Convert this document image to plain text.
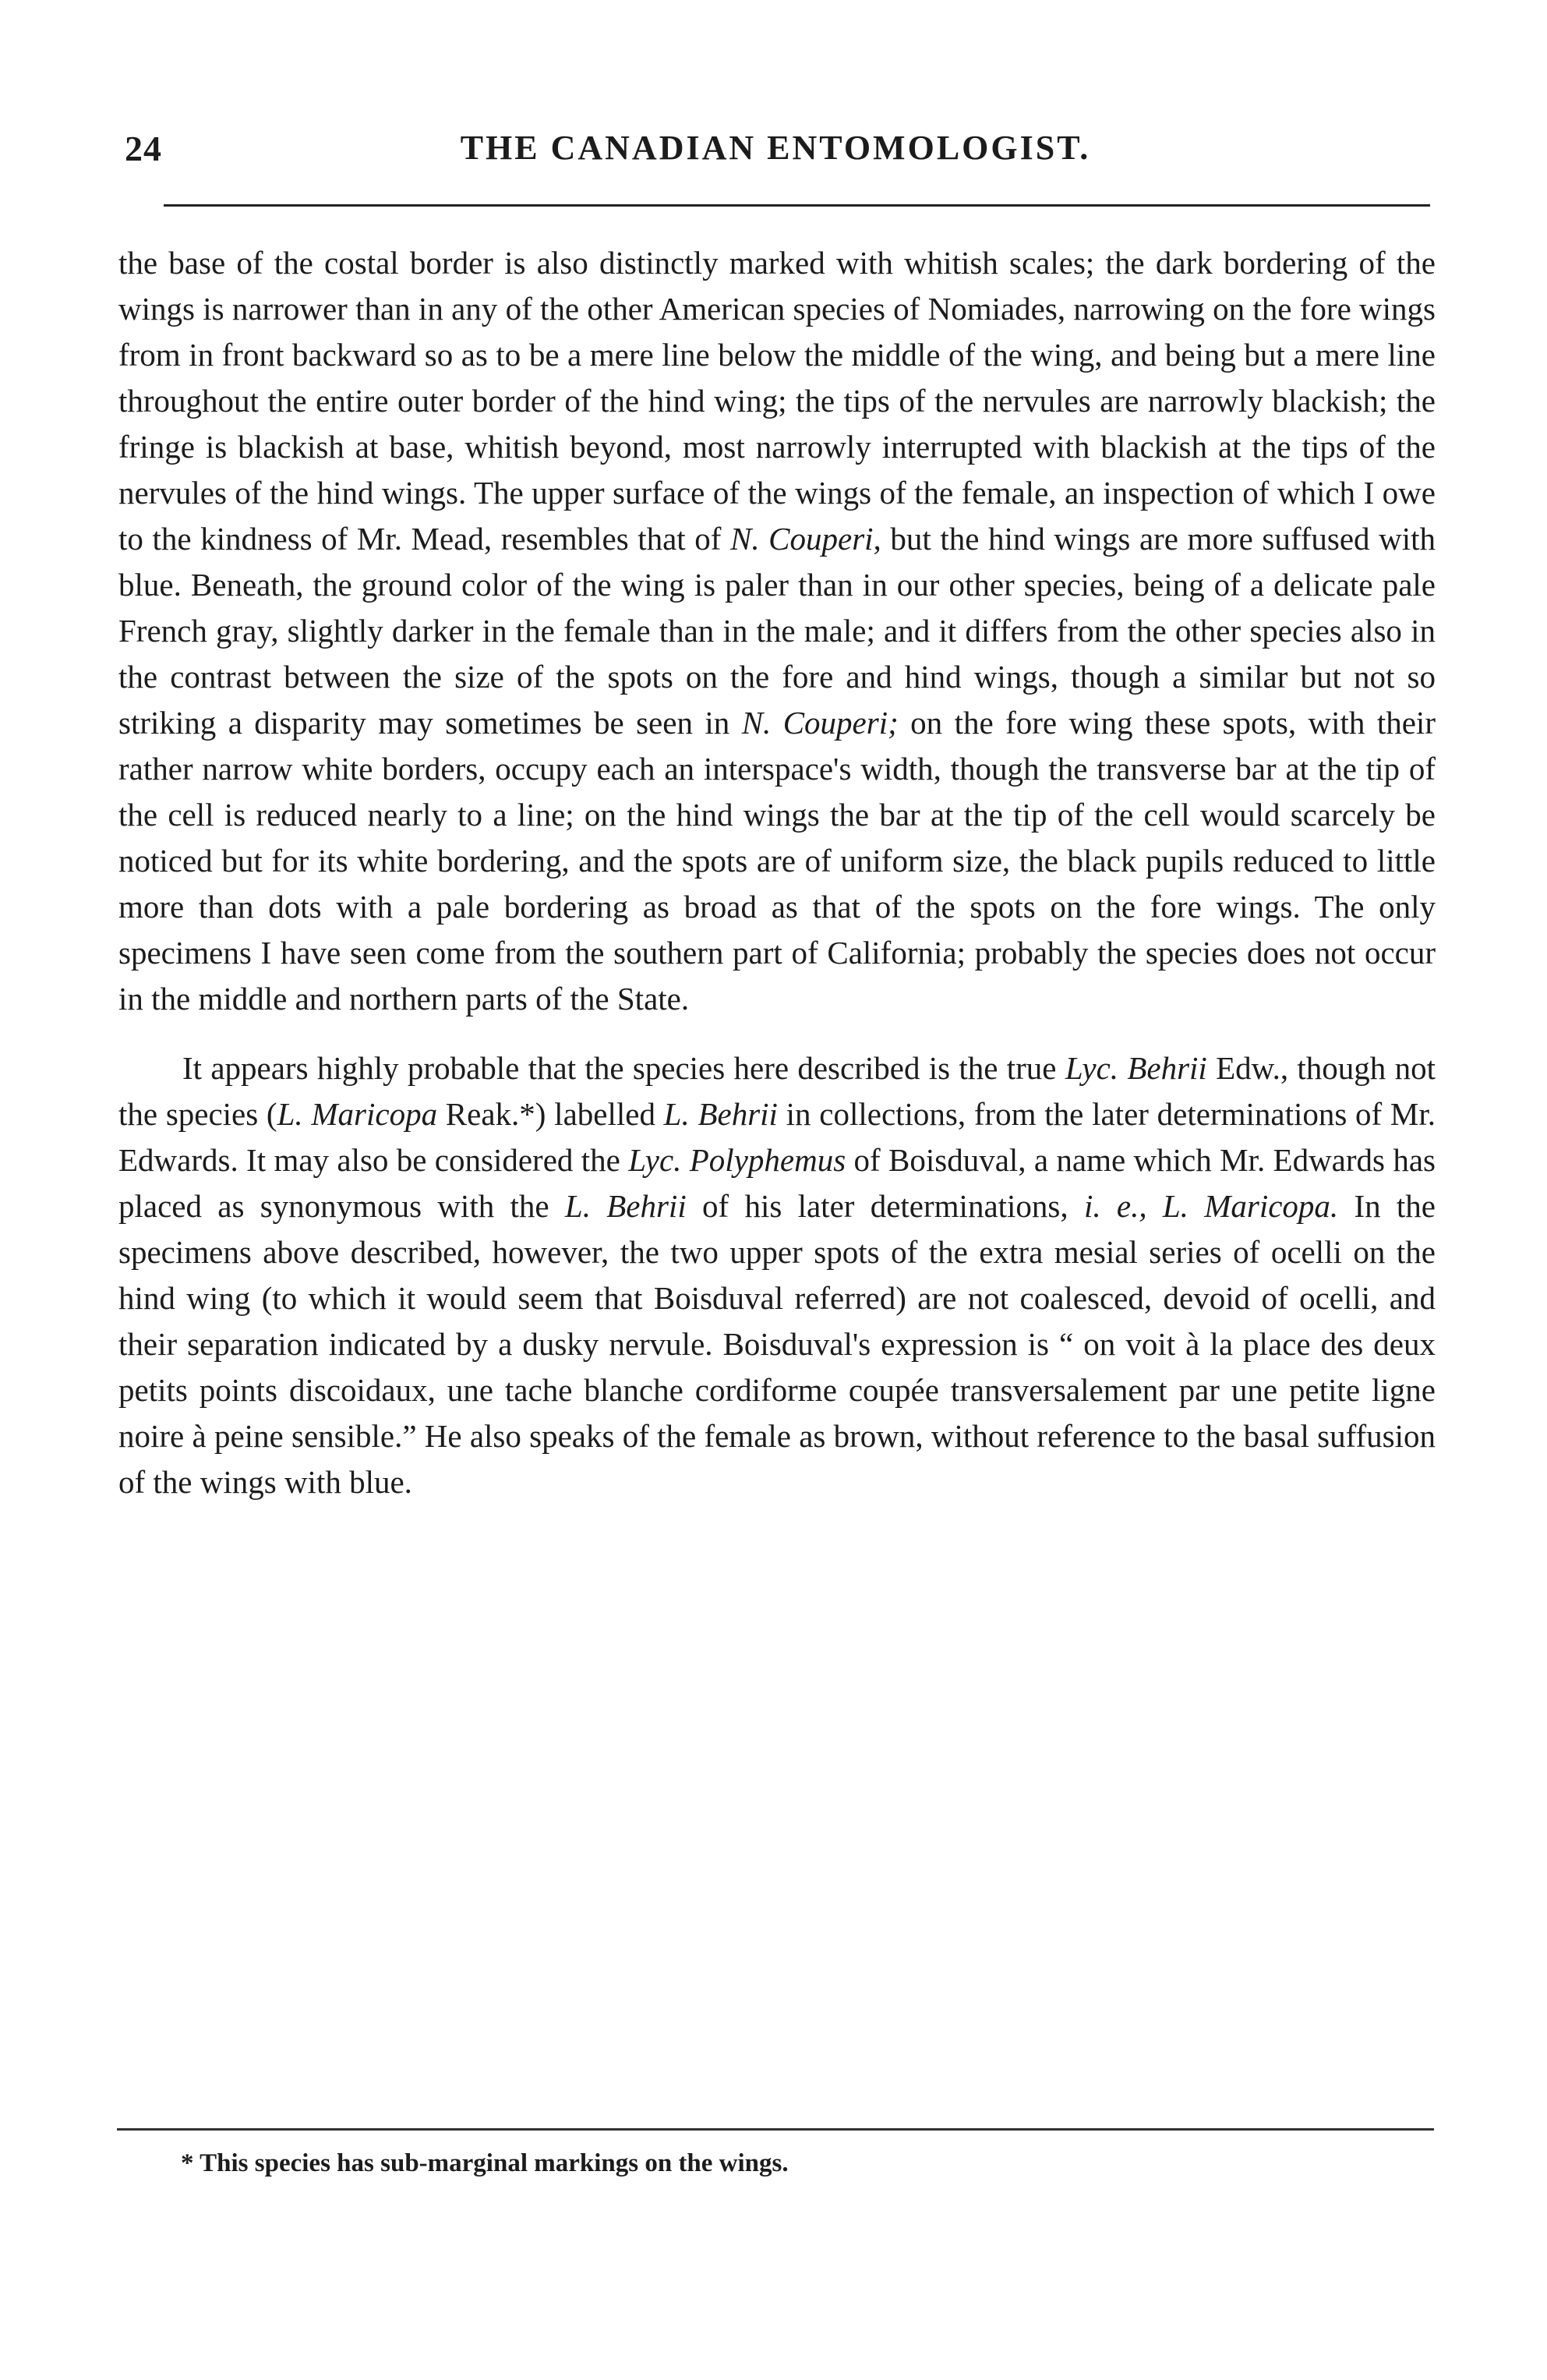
24	THE CANADIAN ENTOMOLOGIST.

the base of the costal border is also distinctly marked with whitish scales; the dark bordering of the wings is narrower than in any of the other American species of Nomiades, narrowing on the fore wings from in front backward so as to be a mere line below the middle of the wing, and being but a mere line throughout the entire outer border of the hind wing; the tips of the nervules are narrowly blackish; the fringe is blackish at base, whitish beyond, most narrowly interrupted with blackish at the tips of the nervules of the hind wings. The upper surface of the wings of the female, an inspection of which I owe to the kindness of Mr. Mead, resembles that of N. Couperi, but the hind wings are more suffused with blue. Beneath, the ground color of the wing is paler than in our other species, being of a delicate pale French gray, slightly darker in the female than in the male; and it differs from the other species also in the contrast between the size of the spots on the fore and hind wings, though a similar but not so striking a disparity may sometimes be seen in N. Couperi; on the fore wing these spots, with their rather narrow white borders, occupy each an interspace's width, though the transverse bar at the tip of the cell is reduced nearly to a line; on the hind wings the bar at the tip of the cell would scarcely be noticed but for its white bordering, and the spots are of uniform size, the black pupils reduced to little more than dots with a pale bordering as broad as that of the spots on the fore wings. The only specimens I have seen come from the southern part of California; probably the species does not occur in the middle and northern parts of the State.

It appears highly probable that the species here described is the true Lyc. Behrii Edw., though not the species (L. Maricopa Reak.*) labelled L. Behrii in collections, from the later determinations of Mr. Edwards. It may also be considered the Lyc. Polyphemus of Boisduval, a name which Mr. Edwards has placed as synonymous with the L. Behrii of his later determinations, i. e., L. Maricopa. In the specimens above described, however, the two upper spots of the extra mesial series of ocelli on the hind wing (to which it would seem that Boisduval referred) are not coalesced, devoid of ocelli, and their separation indicated by a dusky nervule. Boisduval's expression is “ on voit à la place des deux petits points discoidaux, une tache blanche cordiforme coupée transversalement par une petite ligne noire à peine sensible.” He also speaks of the female as brown, without reference to the basal suffusion of the wings with blue.

* This species has sub-marginal markings on the wings.
